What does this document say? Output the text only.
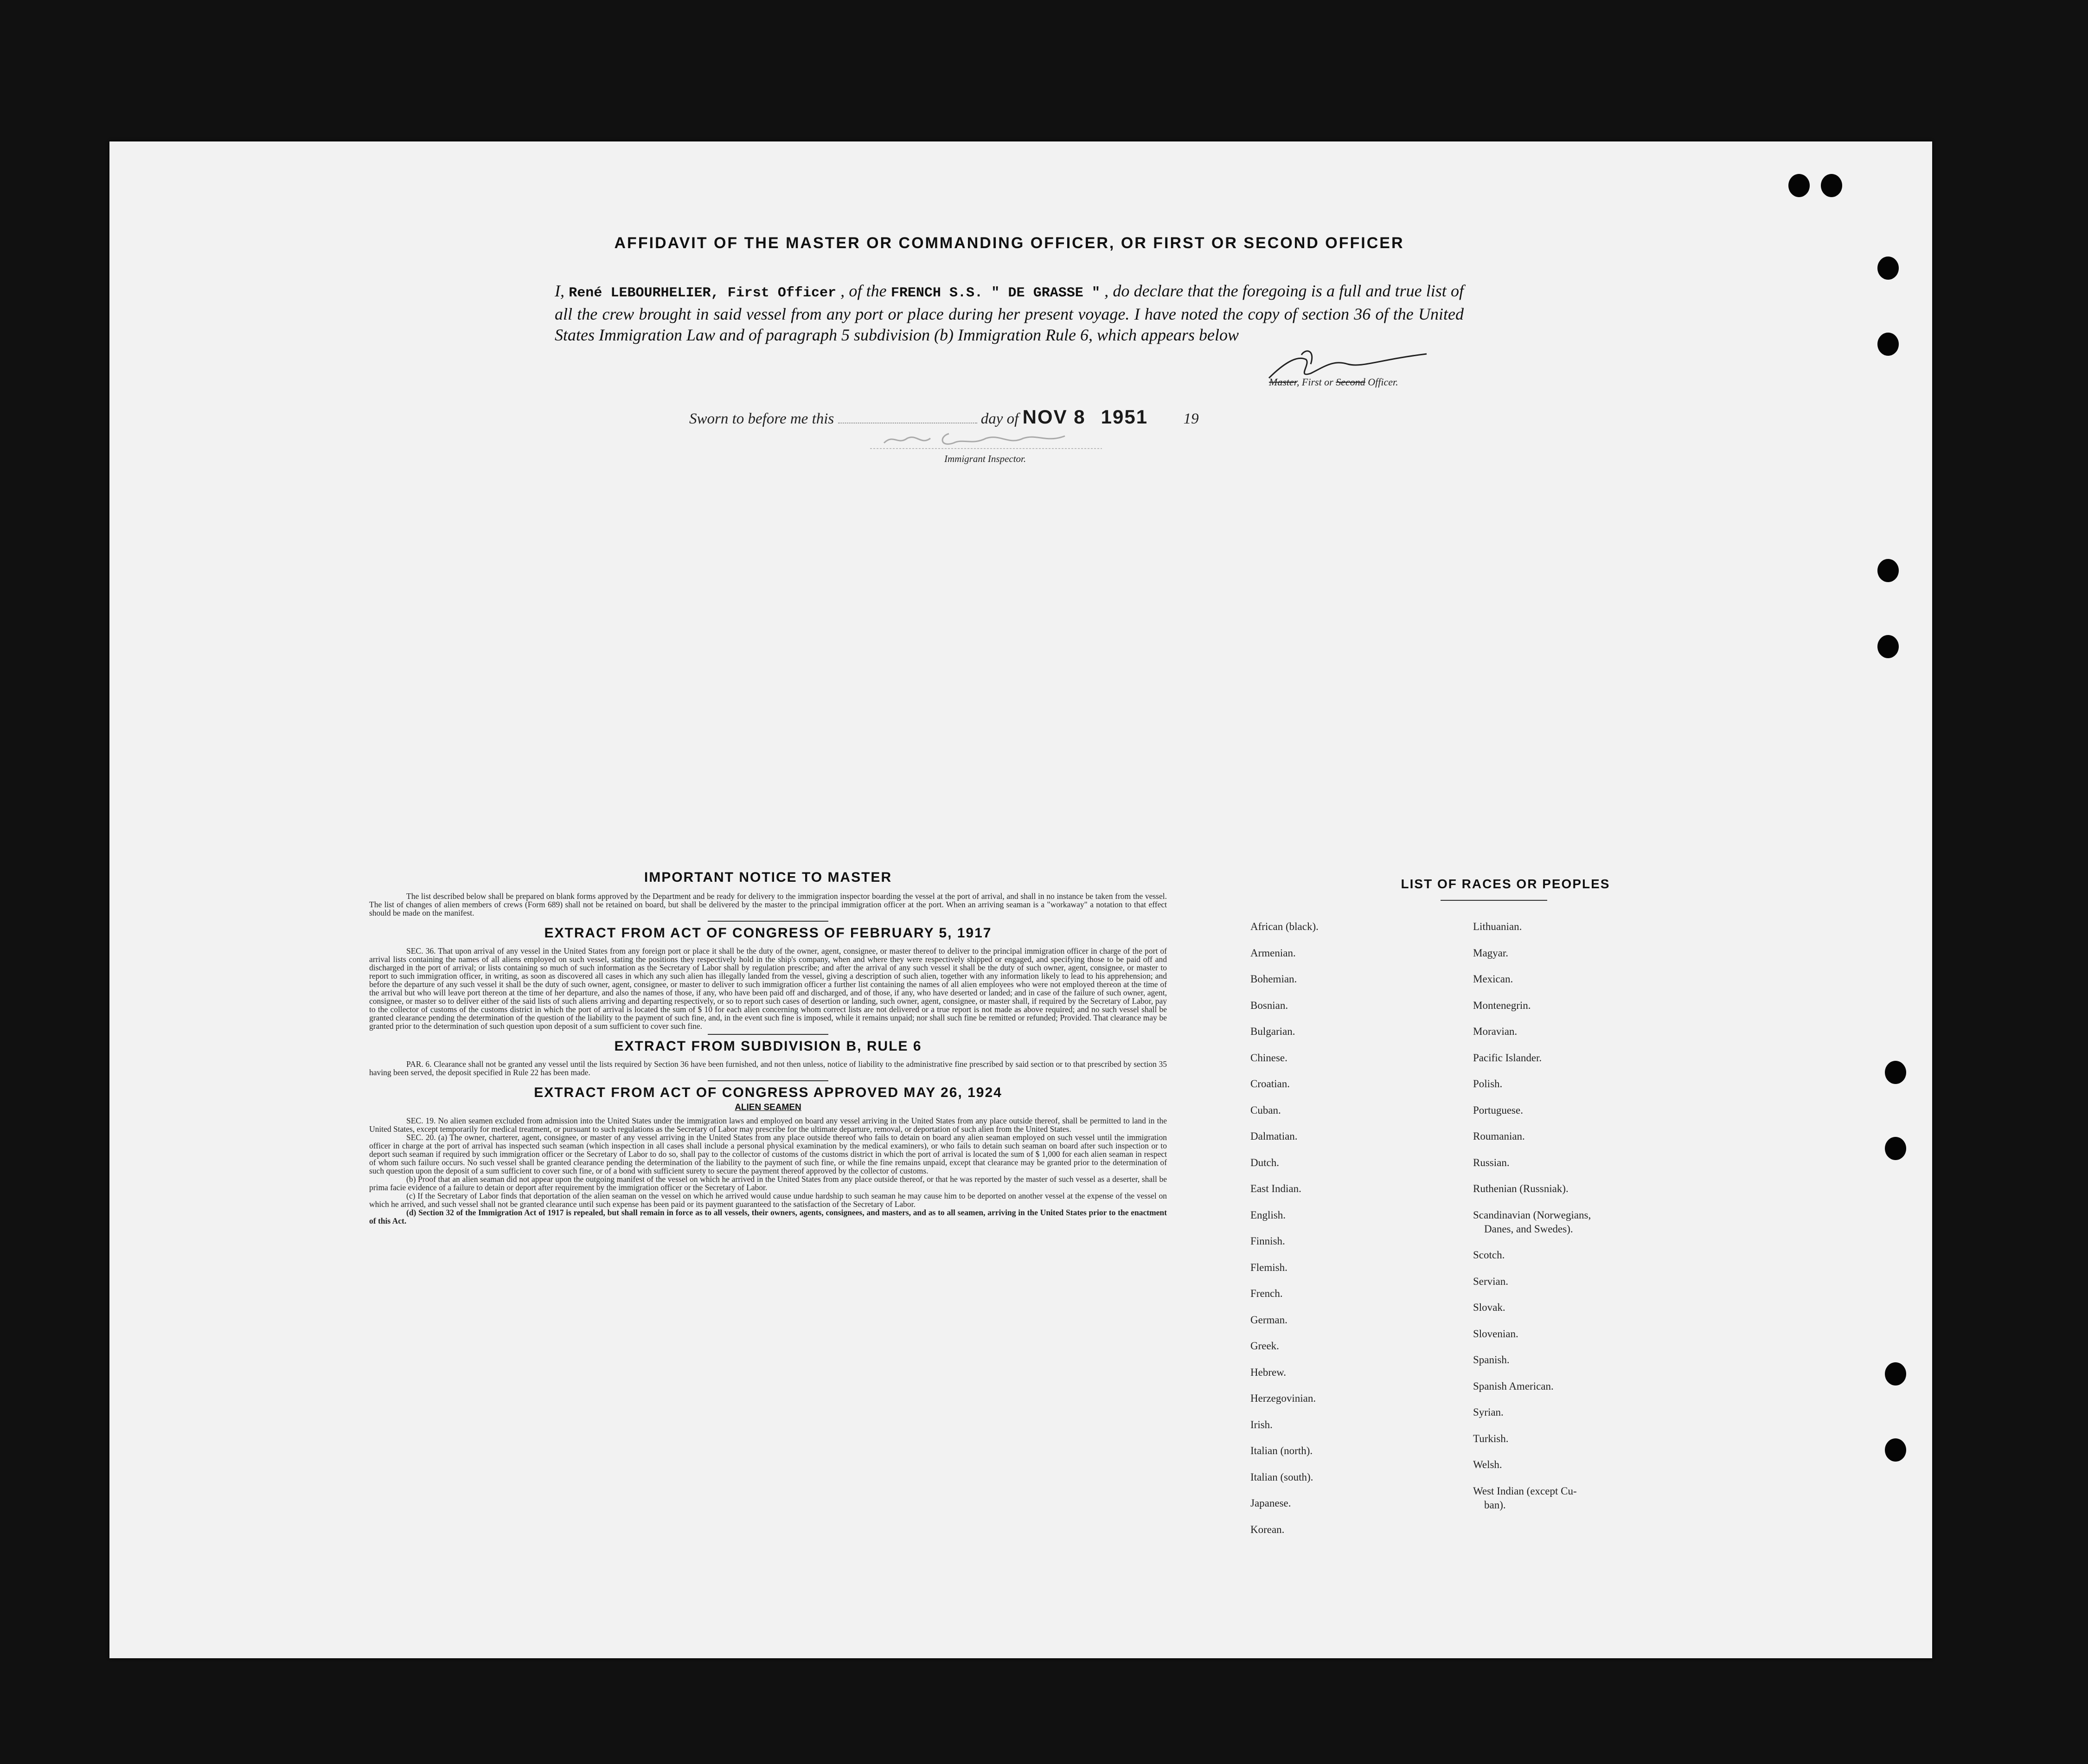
AFFIDAVIT OF THE MASTER OR COMMANDING OFFICER, OR FIRST OR SECOND OFFICER
I, René LEBOURHELIER, First Officer , of the FRENCH S.S. " DE GRASSE " , do declare that the foregoing is a full and true list of all the crew brought in said vessel from any port or place during her present voyage. I have noted the copy of section 36 of the United States Immigration Law and of paragraph 5 subdivision (b) Immigration Rule 6, which appears below
Master, First or Second Officer.
Sworn to before me this	day of NOV 8 1951 19
Immigrant Inspector.
IMPORTANT NOTICE TO MASTER

The list described below shall be prepared on blank forms approved by the Department and be ready for delivery to the immigration inspector boarding the vessel at the port of arrival, and shall in no instance be taken from the vessel. The list of changes of alien members of crews (Form 689) shall not be retained on board, but shall be delivered by the master to the principal immigration officer at the port. When an arriving seaman is a "workaway" a notation to that effect should be made on the manifest.

EXTRACT FROM ACT OF CONGRESS OF FEBRUARY 5, 1917

SEC. 36. That upon arrival of any vessel in the United States from any foreign port or place it shall be the duty of the owner, agent, consignee, or master thereof to deliver to the principal immigration officer in charge of the port of arrival lists containing the names of all aliens employed on such vessel, stating the positions they respectively hold in the ship's company, when and where they were respectively shipped or engaged, and specifying those to be paid off and discharged in the port of arrival; or lists containing so much of such information as the Secretary of Labor shall by regulation prescribe; and after the arrival of any such vessel it shall be the duty of such owner, agent, consignee, or master to report to such immigration officer, in writing, as soon as discovered all cases in which any such alien has illegally landed from the vessel, giving a description of such alien, together with any information likely to lead to his apprehension; and before the departure of any such vessel it shall be the duty of such owner, agent, consignee, or master to deliver to such immigration officer a further list containing the names of all alien employees who were not employed thereon at the time of the arrival but who will leave port thereon at the time of her departure, and also the names of those, if any, who have been paid off and discharged, and of those, if any, who have deserted or landed; and in case of the failure of such owner, agent, consignee, or master so to deliver either of the said lists of such aliens arriving and departing respectively, or so to report such cases of desertion or landing, such owner, agent, consignee, or master shall, if required by the Secretary of Labor, pay to the collector of customs of the customs district in which the port of arrival is located the sum of $ 10 for each alien concerning whom correct lists are not delivered or a true report is not made as above required; and no such vessel shall be granted clearance pending the determination of the question of the liability to the payment of such fine, and, in the event such fine is imposed, while it remains unpaid; nor shall such fine be remitted or refunded; Provided. That clearance may be granted prior to the determination of such question upon deposit of a sum sufficient to cover such fine.

EXTRACT FROM SUBDIVISION B, RULE 6

PAR. 6. Clearance shall not be granted any vessel until the lists required by Section 36 have been furnished, and not then unless, notice of liability to the administrative fine prescribed by said section or to that prescribed by section 35 having been served, the deposit specified in Rule 22 has been made.

EXTRACT FROM ACT OF CONGRESS APPROVED MAY 26, 1924
ALIEN SEAMEN

SEC. 19. No alien seamen excluded from admission into the United States under the immigration laws and employed on board any vessel arriving in the United States from any place outside thereof, shall be permitted to land in the United States, except temporarily for medical treatment, or pursuant to such regulations as the Secretary of Labor may prescribe for the ultimate departure, removal, or deportation of such alien from the United States.

SEC. 20. (a) The owner, charterer, agent, consignee, or master of any vessel arriving in the United States from any place outside thereof who fails to detain on board any alien seaman employed on such vessel until the immigration officer in charge at the port of arrival has inspected such seaman (which inspection in all cases shall include a personal physical examination by the medical examiners), or who fails to detain such seaman on board after such inspection or to deport such seaman if required by such immigration officer or the Secretary of Labor to do so, shall pay to the collector of customs of the customs district in which the port of arrival is located the sum of $ 1,000 for each alien seaman in respect of whom such failure occurs. No such vessel shall be granted clearance pending the determination of the liability to the payment of such fine, or while the fine remains unpaid, except that clearance may be granted prior to the determination of such question upon the deposit of a sum sufficient to cover such fine, or of a bond with sufficient surety to secure the payment thereof approved by the collector of customs.

(b) Proof that an alien seaman did not appear upon the outgoing manifest of the vessel on which he arrived in the United States from any place outside thereof, or that he was reported by the master of such vessel as a deserter, shall be prima facie evidence of a failure to detain or deport after requirement by the immigration officer or the Secretary of Labor.

(c) If the Secretary of Labor finds that deportation of the alien seaman on the vessel on which he arrived would cause undue hardship to such seaman he may cause him to be deported on another vessel at the expense of the vessel on which he arrived, and such vessel shall not be granted clearance until such expense has been paid or its payment guaranteed to the satisfaction of the Secretary of Labor.

(d) Section 32 of the Immigration Act of 1917 is repealed, but shall remain in force as to all vessels, their owners, agents, consignees, and masters, and as to all seamen, arriving in the United States prior to the enactment of this Act.

LIST OF RACES OR PEOPLES
African (black).
Armenian.
Bohemian.
Bosnian.
Bulgarian.
Chinese.
Croatian.
Cuban.
Dalmatian.
Dutch.
East Indian.
English.
Finnish.
Flemish.
French.
German.
Greek.
Hebrew.
Herzegovinian.
Irish.
Italian (north).
Italian (south).
Japanese.
Korean.
Lithuanian.
Magyar.
Mexican.
Montenegrin.
Moravian.
Pacific Islander.
Polish.
Portuguese.
Roumanian.
Russian.
Ruthenian (Russniak).
Scandinavian (Norwegians,
Danes, and Swedes).
Scotch.
Servian.
Slovak.
Slovenian.
Spanish.
Spanish American.
Syrian.
Turkish.
Welsh.
West Indian (except Cu-
ban).
